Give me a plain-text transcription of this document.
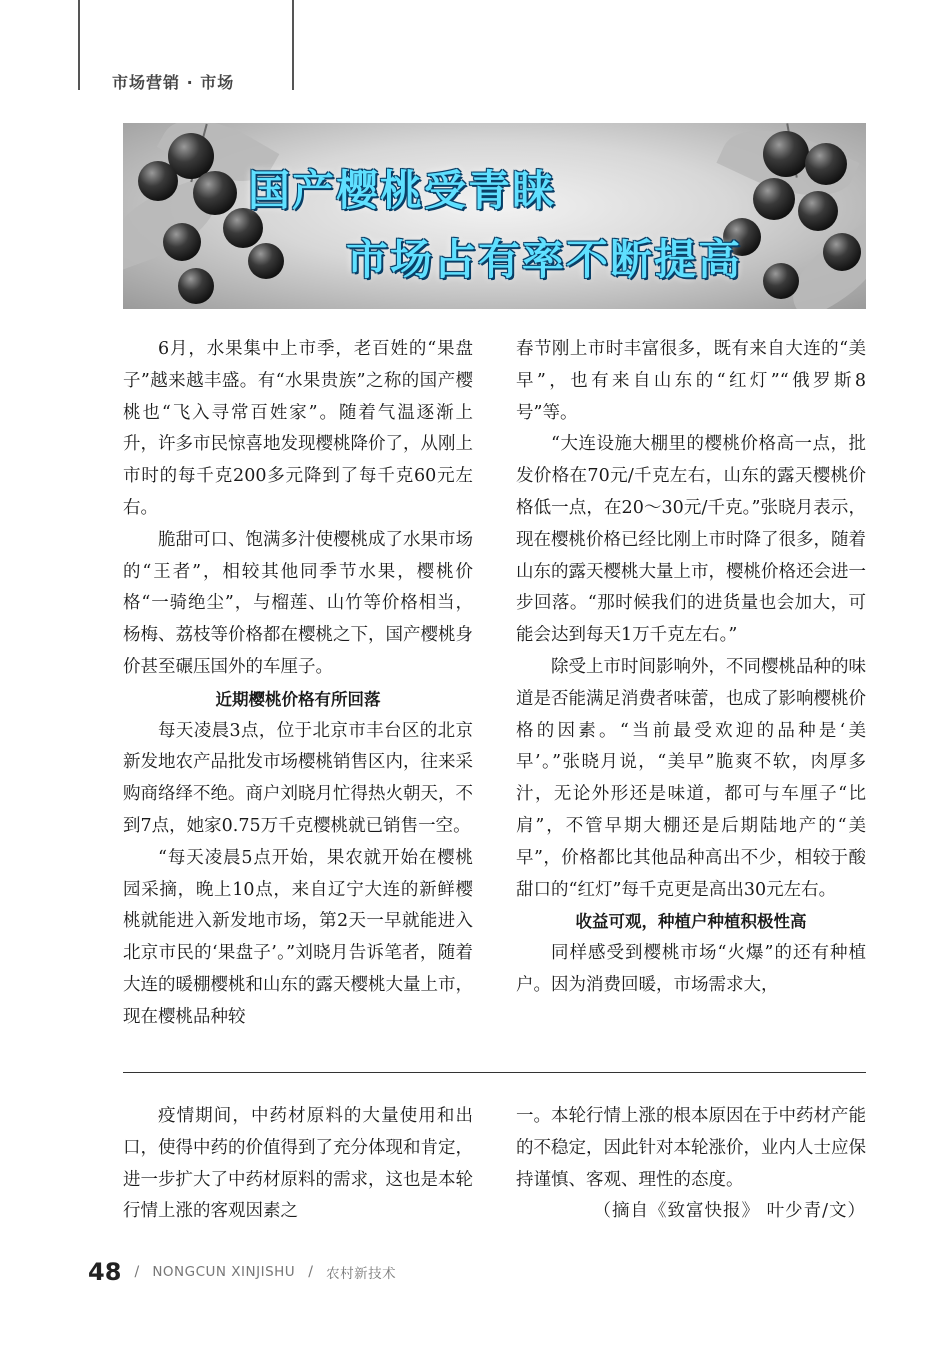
市场营销 · 市场
国产樱桃受青睐
市场占有率不断提高

6月，水果集中上市季，老百姓的“果盘子”越来越丰盛。有“水果贵族”之称的国产樱桃也“飞入寻常百姓家”。随着气温逐渐上升，许多市民惊喜地发现樱桃降价了，从刚上市时的每千克200多元降到了每千克60元左右。

脆甜可口、饱满多汁使樱桃成了水果市场的“王者”，相较其他同季节水果，樱桃价格“一骑绝尘”，与榴莲、山竹等价格相当，杨梅、荔枝等价格都在樱桃之下，国产樱桃身价甚至碾压国外的车厘子。

近期樱桃价格有所回落

每天凌晨3点，位于北京市丰台区的北京新发地农产品批发市场樱桃销售区内，往来采购商络绎不绝。商户刘晓月忙得热火朝天，不到7点，她家0.75万千克樱桃就已销售一空。

“每天凌晨5点开始，果农就开始在樱桃园采摘，晚上10点，来自辽宁大连的新鲜樱桃就能进入新发地市场，第2天一早就能进入北京市民的‘果盘子’。”刘晓月告诉笔者，随着大连的暖棚樱桃和山东的露天樱桃大量上市，现在樱桃品种较

春节刚上市时丰富很多，既有来自大连的“美早”，也有来自山东的“红灯”“俄罗斯8号”等。

“大连设施大棚里的樱桃价格高一点，批发价格在70元/千克左右，山东的露天樱桃价格低一点，在20～30元/千克。”张晓月表示，现在樱桃价格已经比刚上市时降了很多，随着山东的露天樱桃大量上市，樱桃价格还会进一步回落。“那时候我们的进货量也会加大，可能会达到每天1万千克左右。”

除受上市时间影响外，不同樱桃品种的味道是否能满足消费者味蕾，也成了影响樱桃价格的因素。“当前最受欢迎的品种是‘美早’。”张晓月说，“美早”脆爽不软，肉厚多汁，无论外形还是味道，都可与车厘子“比肩”，不管早期大棚还是后期陆地产的“美早”，价格都比其他品种高出不少，相较于酸甜口的“红灯”每千克更是高出30元左右。

收益可观，种植户种植积极性高

同样感受到樱桃市场“火爆”的还有种植户。因为消费回暖，市场需求大，

疫情期间，中药材原料的大量使用和出口，使得中药的价值得到了充分体现和肯定，进一步扩大了中药材原料的需求，这也是本轮行情上涨的客观因素之

一。本轮行情上涨的根本原因在于中药材产能的不稳定，因此针对本轮涨价，业内人士应保持谨慎、客观、理性的态度。

（摘自《致富快报》 叶少青/文）

48 / NONGCUN XINJISHU / 农村新技术
